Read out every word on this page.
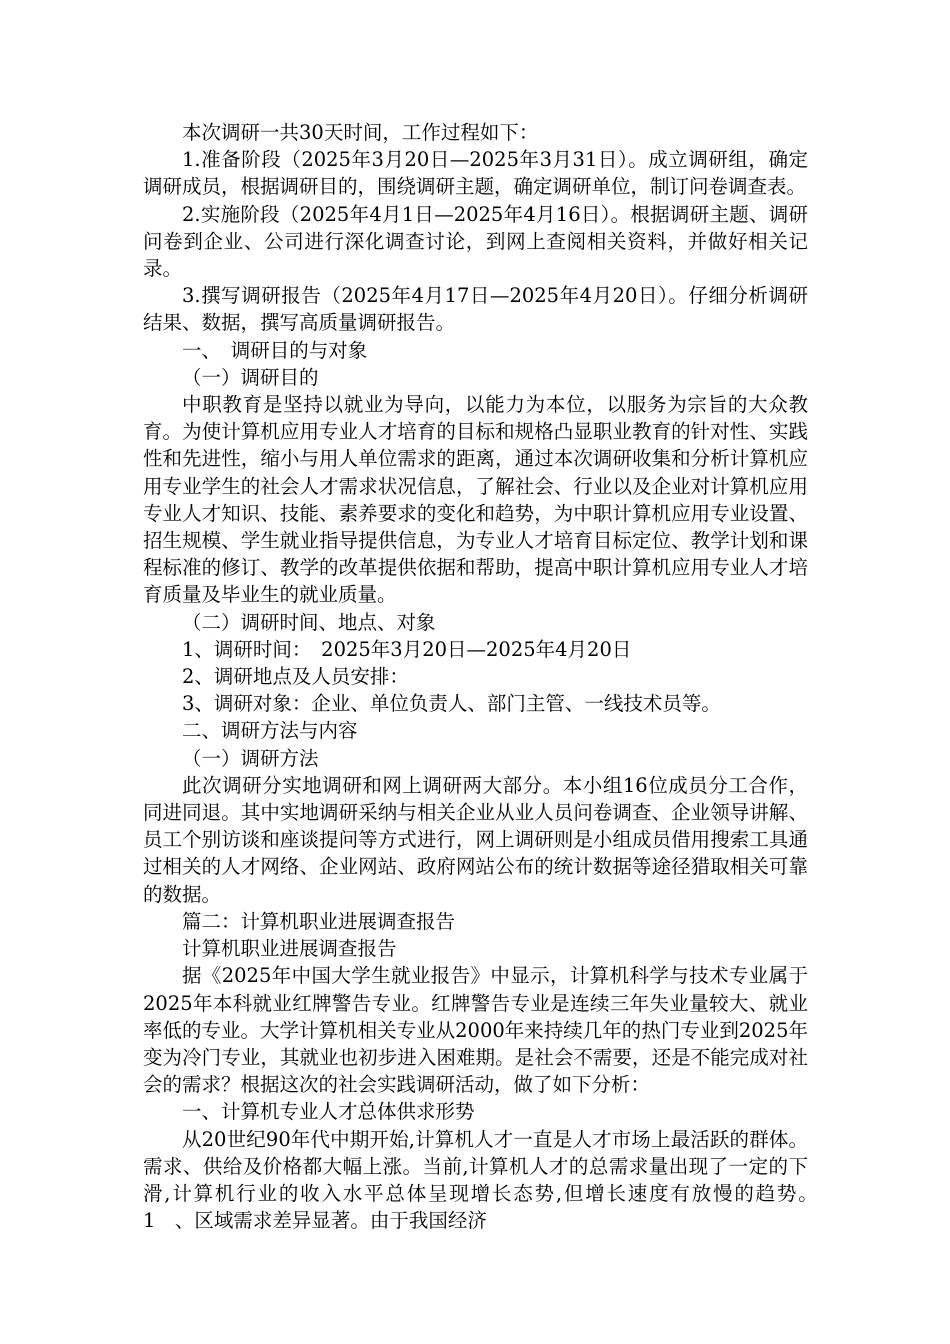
本次调研一共30天时间，工作过程如下：

1.准备阶段（2025年3月20日—2025年3月31日）。成立调研组，确定调研成员，根据调研目的，围绕调研主题，确定调研单位，制订问卷调查表。

2.实施阶段（2025年4月1日—2025年4月16日）。根据调研主题、调研问卷到企业、公司进行深化调查讨论，到网上查阅相关资料，并做好相关记录。

3.撰写调研报告（2025年4月17日—2025年4月20日）。仔细分析调研结果、数据，撰写高质量调研报告。

一、　调研目的与对象

（一）调研目的

中职教育是坚持以就业为导向，以能力为本位，以服务为宗旨的大众教育。为使计算机应用专业人才培育的目标和规格凸显职业教育的针对性、实践性和先进性，缩小与用人单位需求的距离，通过本次调研收集和分析计算机应用专业学生的社会人才需求状况信息，了解社会、行业以及企业对计算机应用专业人才知识、技能、素养要求的变化和趋势，为中职计算机应用专业设置、招生规模、学生就业指导提供信息，为专业人才培育目标定位、教学计划和课程标准的修订、教学的改革提供依据和帮助，提高中职计算机应用专业人才培育质量及毕业生的就业质量。

（二）调研时间、地点、对象

1、调研时间：　2025年3月20日—2025年4月20日

2、调研地点及人员安排：

3、调研对象：企业、单位负责人、部门主管、一线技术员等。

二、调研方法与内容

（一）调研方法

此次调研分实地调研和网上调研两大部分。本小组16位成员分工合作，同进同退。其中实地调研采纳与相关企业从业人员问卷调查、企业领导讲解、员工个别访谈和座谈提问等方式进行，网上调研则是小组成员借用搜索工具通过相关的人才网络、企业网站、政府网站公布的统计数据等途径猎取相关可靠的数据。

篇二：计算机职业进展调查报告

计算机职业进展调查报告

据《2025年中国大学生就业报告》中显示，计算机科学与技术专业属于2025年本科就业红牌警告专业。红牌警告专业是连续三年失业量较大、就业率低的专业。大学计算机相关专业从2000年来持续几年的热门专业到2025年变为冷门专业，其就业也初步进入困难期。是社会不需要，还是不能完成对社会的需求？根据这次的社会实践调研活动，做了如下分析：

一、计算机专业人才总体供求形势

从20世纪90年代中期开始,计算机人才一直是人才市场上最活跃的群体。需求、供给及价格都大幅上涨。当前,计算机人才的总需求量出现了一定的下滑,计算机行业的收入水平总体呈现增长态势,但增长速度有放慢的趋势。　1　、区域需求差异显著。由于我国经济
